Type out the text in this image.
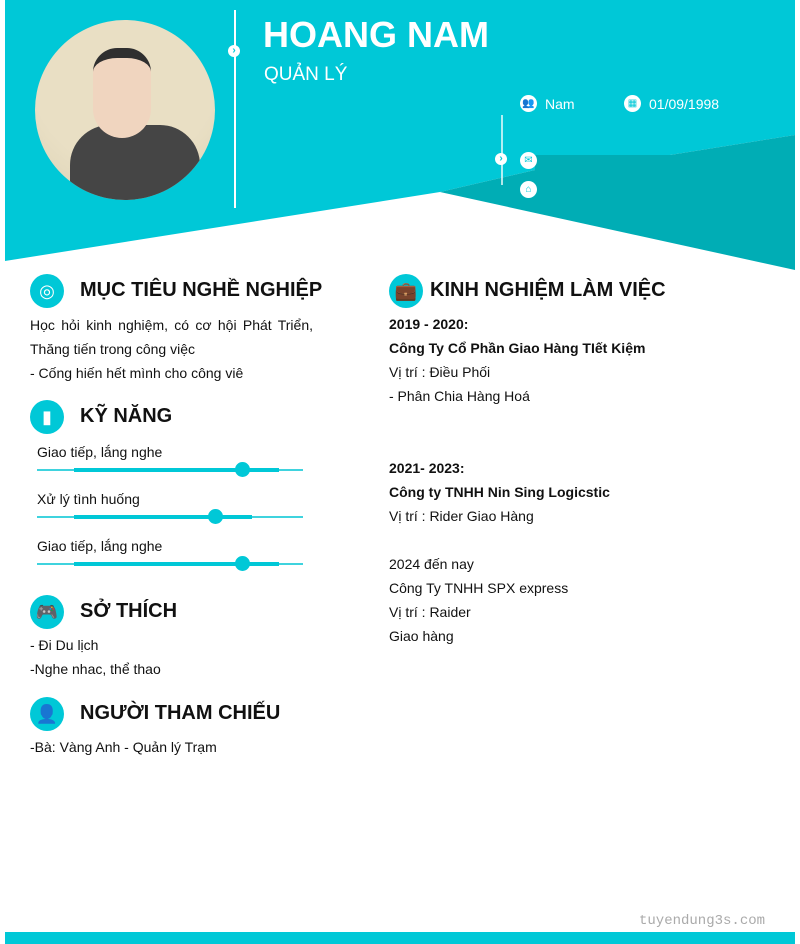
› HOANG NAM
QUẢN LÝ
👥 Nam	▦ 01/09/1998
›	✉
⌂
◎	MỤC TIÊU NGHỀ NGHIỆP
Học hỏi kinh nghiệm, có cơ hội Phát Triển,
Thăng tiến trong công việc
- Cống hiến hết mình cho công viê
▮	KỸ NĂNG
Giao tiếp, lắng nghe
Xử lý tình huống
Giao tiếp, lắng nghe
🎮 SỞ THÍCH
- Đi Du lịch
-Nghe nhac, thể thao
👤 NGƯỜI THAM CHIẾU
-Bà: Vàng Anh - Quản lý Trạm
💼 KINH NGHIỆM LÀM VIỆC
2019 - 2020:
Công Ty Cổ Phần Giao Hàng TIết Kiệm
Vị trí : Điều Phối
- Phân Chia Hàng Hoá
2021- 2023:
Công ty TNHH Nin Sing Logicstic
Vị trí : Rider Giao Hàng
2024 đến nay
Công Ty TNHH SPX express
Vị trí : Raider
Giao hàng
tuyendung3s.com
